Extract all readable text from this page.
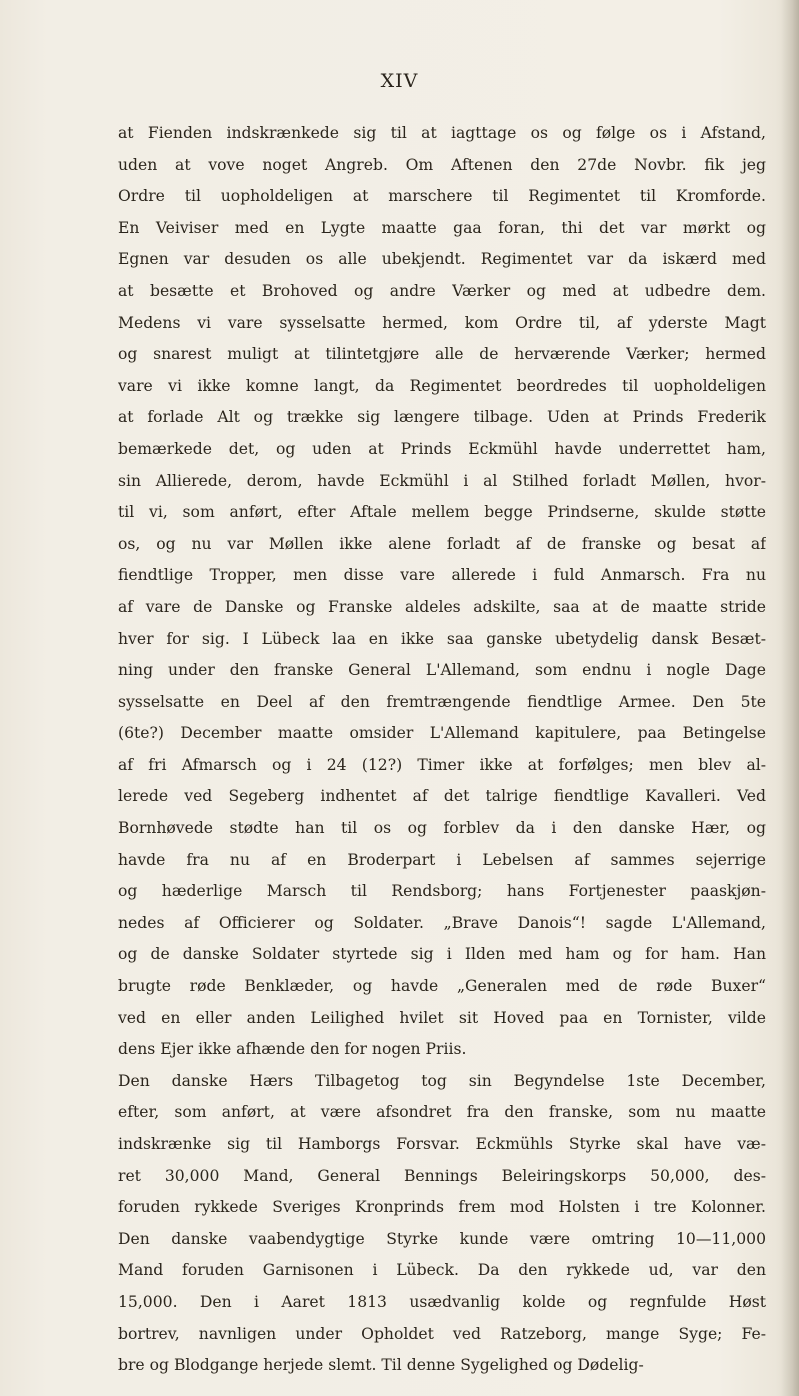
XIV
at Fienden indskrænkede sig til at iagttage os og følge os i Afstand,
uden at vove noget Angreb. Om Aftenen den 27de Novbr. fik jeg
Ordre til uopholdeligen at marschere til Regimentet til Kromforde.
En Veiviser med en Lygte maatte gaa foran, thi det var mørkt og
Egnen var desuden os alle ubekjendt. Regimentet var da iskærd med
at besætte et Brohoved og andre Værker og med at udbedre dem.
Medens vi vare sysselsatte hermed, kom Ordre til, af yderste Magt
og snarest muligt at tilintetgjøre alle de herværende Værker; hermed
vare vi ikke komne langt, da Regimentet beordredes til uopholdeligen
at forlade Alt og trække sig længere tilbage. Uden at Prinds Frederik
bemærkede det, og uden at Prinds Eckmühl havde underrettet ham,
sin Allierede, derom, havde Eckmühl i al Stilhed forladt Møllen, hvor-
til vi, som anført, efter Aftale mellem begge Prindserne, skulde støtte
os, og nu var Møllen ikke alene forladt af de franske og besat af
fiendtlige Tropper, men disse vare allerede i fuld Anmarsch. Fra nu
af vare de Danske og Franske aldeles adskilte, saa at de maatte stride
hver for sig. I Lübeck laa en ikke saa ganske ubetydelig dansk Besæt-
ning under den franske General L'Allemand, som endnu i nogle Dage
sysselsatte en Deel af den fremtrængende fiendtlige Armee. Den 5te
(6te?) December maatte omsider L'Allemand kapitulere, paa Betingelse
af fri Afmarsch og i 24 (12?) Timer ikke at forfølges; men blev al-
lerede ved Segeberg indhentet af det talrige fiendtlige Kavalleri. Ved
Bornhøvede stødte han til os og forblev da i den danske Hær, og
havde fra nu af en Broderpart i Lebelsen af sammes sejerrige
og hæderlige Marsch til Rendsborg; hans Fortjenester paaskjøn-
nedes af Officierer og Soldater. „Brave Danois“! sagde L'Allemand,
og de danske Soldater styrtede sig i Ilden med ham og for ham. Han
brugte røde Benklæder, og havde „Generalen med de røde Buxer“
ved en eller anden Leilighed hvilet sit Hoved paa en Tornister, vilde
dens Ejer ikke afhænde den for nogen Priis.
Den danske Hærs Tilbagetog tog sin Begyndelse 1ste December,
efter, som anført, at være afsondret fra den franske, som nu maatte
indskrænke sig til Hamborgs Forsvar. Eckmühls Styrke skal have væ-
ret 30,000 Mand, General Bennings Beleiringskorps 50,000, des-
foruden rykkede Sveriges Kronprinds frem mod Holsten i tre Kolonner.
Den danske vaabendygtige Styrke kunde være omtring 10—11,000
Mand foruden Garnisonen i Lübeck. Da den rykkede ud, var den
15,000. Den i Aaret 1813 usædvanlig kolde og regnfulde Høst
bortrev, navnligen under Opholdet ved Ratzeborg, mange Syge; Fe-
bre og Blodgange herjede slemt. Til denne Sygelighed og Dødelig-
